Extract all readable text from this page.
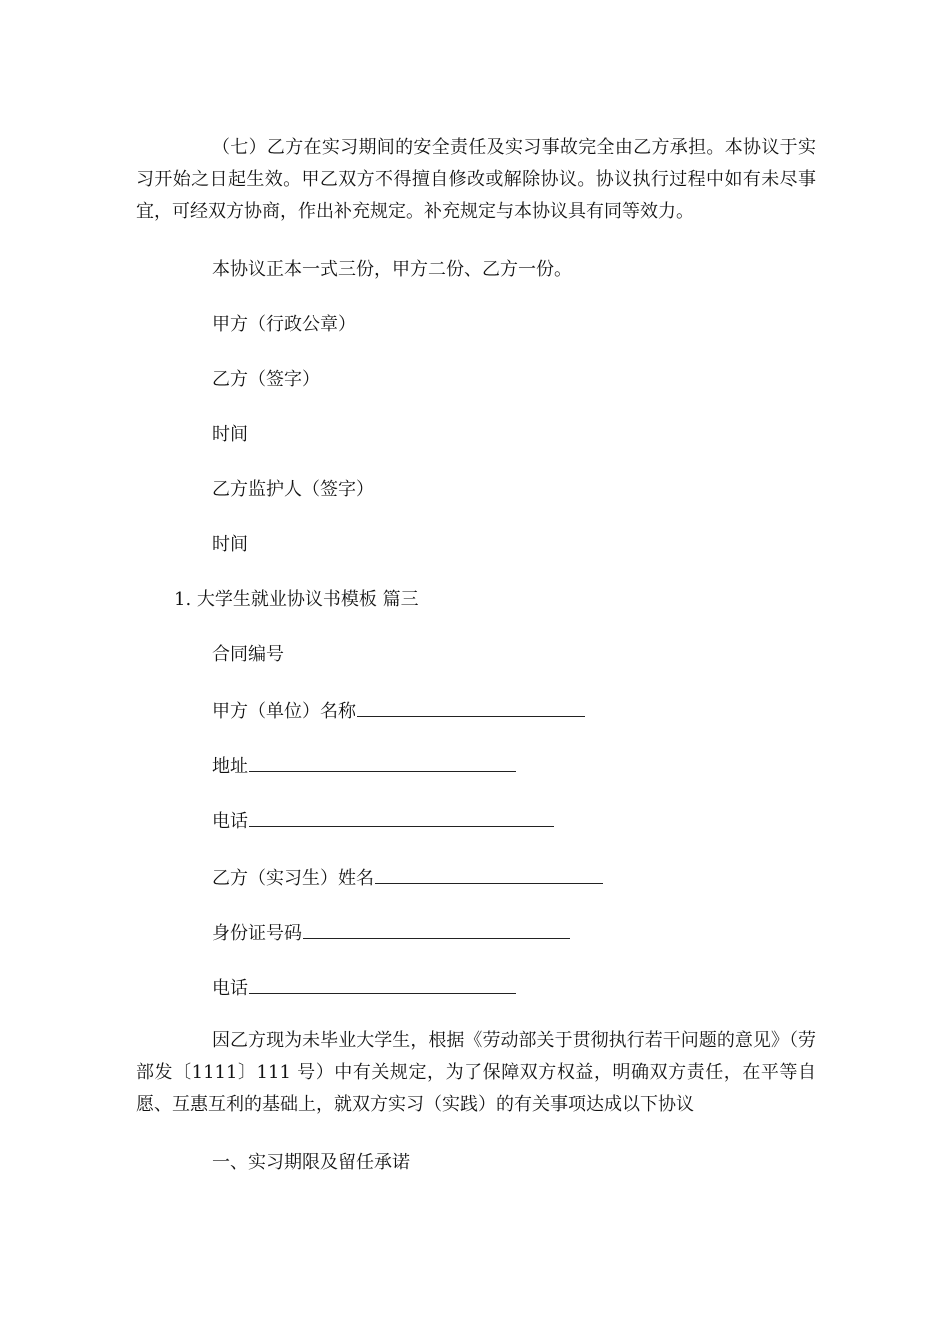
（七）乙方在实习期间的安全责任及实习事故完全由乙方承担。本协议于实习开始之日起生效。甲乙双方不得擅自修改或解除协议。协议执行过程中如有未尽事宜，可经双方协商，作出补充规定。补充规定与本协议具有同等效力。

本协议正本一式三份，甲方二份、乙方一份。

甲方（行政公章）

乙方（签字）

时间

乙方监护人（签字）

时间

1. 大学生就业协议书模板 篇三

合同编号

甲方（单位）名称

地址

电话

乙方（实习生）姓名

身份证号码

电话

因乙方现为未毕业大学生，根据《劳动部关于贯彻执行若干问题的意见》（劳部发〔1111〕111 号）中有关规定，为了保障双方权益，明确双方责任，在平等自愿、互惠互利的基础上，就双方实习（实践）的有关事项达成以下协议

一、实习期限及留任承诺
